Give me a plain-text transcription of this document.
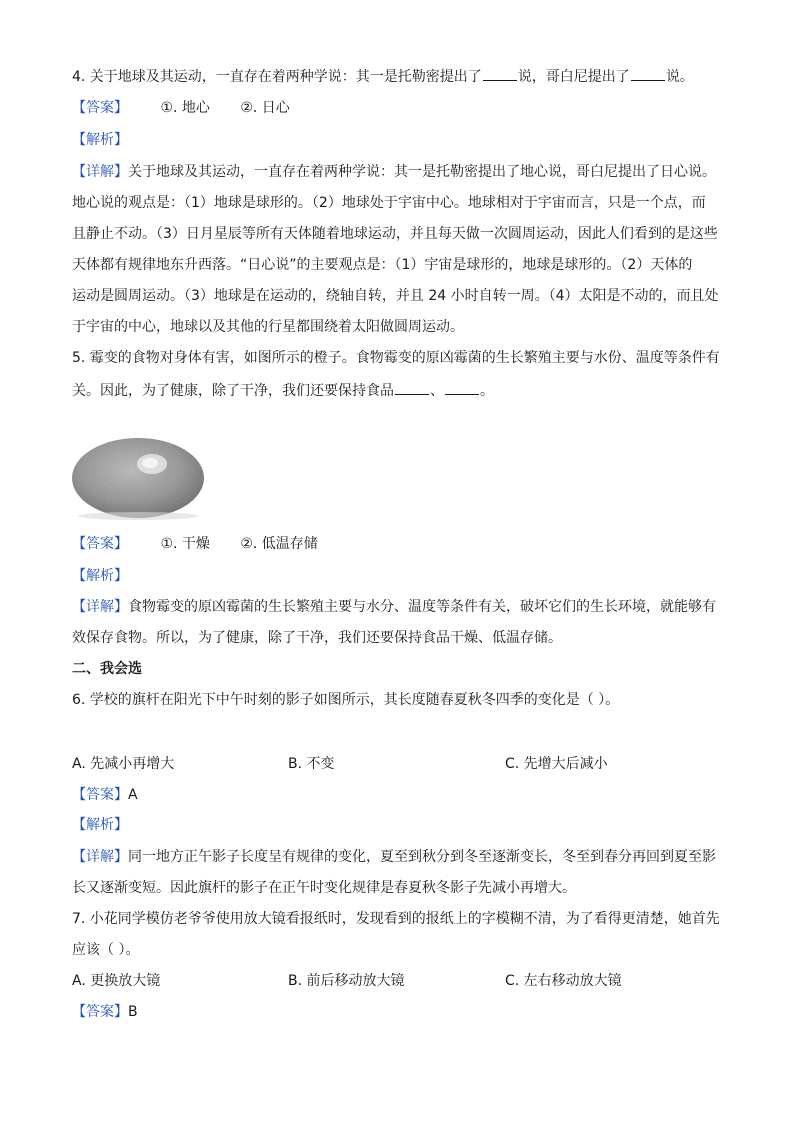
4. 关于地球及其运动，一直存在着两种学说：其一是托勒密提出了	说，哥白尼提出了	说。
【答案】 ①. 地心 ②. 日心
【解析】
【详解】关于地球及其运动，一直存在着两种学说：其一是托勒密提出了地心说，哥白尼提出了日心说。
地心说的观点是：（1）地球是球形的。（2）地球处于宇宙中心。地球相对于宇宙而言，只是一个点，而
且静止不动。（3）日月星辰等所有天体随着地球运动，并且每天做一次圆周运动，因此人们看到的是这些
天体都有规律地东升西落。“日心说”的主要观点是：（1）宇宙是球形的，地球是球形的。（2）天体的
运动是圆周运动。（3）地球是在运动的，绕轴自转，并且 24 小时自转一周。（4）太阳是不动的，而且处
于宇宙的中心，地球以及其他的行星都围绕着太阳做圆周运动。
5. 霉变的食物对身体有害，如图所示的橙子。食物霉变的原凶霉菌的生长繁殖主要与水份、温度等条件有
关。因此，为了健康，除了干净，我们还要保持食品	、	。
【答案】 ①. 干燥 ②. 低温存储
【解析】
【详解】食物霉变的原凶霉菌的生长繁殖主要与水分、温度等条件有关，破坏它们的生长环境，就能够有
效保存食物。所以，为了健康，除了干净，我们还要保持食品干燥、低温存储。
二、我会选
6. 学校的旗杆在阳光下中午时刻的影子如图所示，其长度随春夏秋冬四季的变化是（ ）。
A. 先减小再增大	B. 不变	C. 先增大后减小
【答案】A
【解析】
【详解】同一地方正午影子长度呈有规律的变化，夏至到秋分到冬至逐渐变长，冬至到春分再回到夏至影
长又逐渐变短。因此旗杆的影子在正午时变化规律是春夏秋冬影子先减小再增大。
7. 小花同学模仿老爷爷使用放大镜看报纸时，发现看到的报纸上的字模糊不清，为了看得更清楚，她首先
应该（ ）。
A. 更换放大镜	B. 前后移动放大镜	C. 左右移动放大镜
【答案】B
